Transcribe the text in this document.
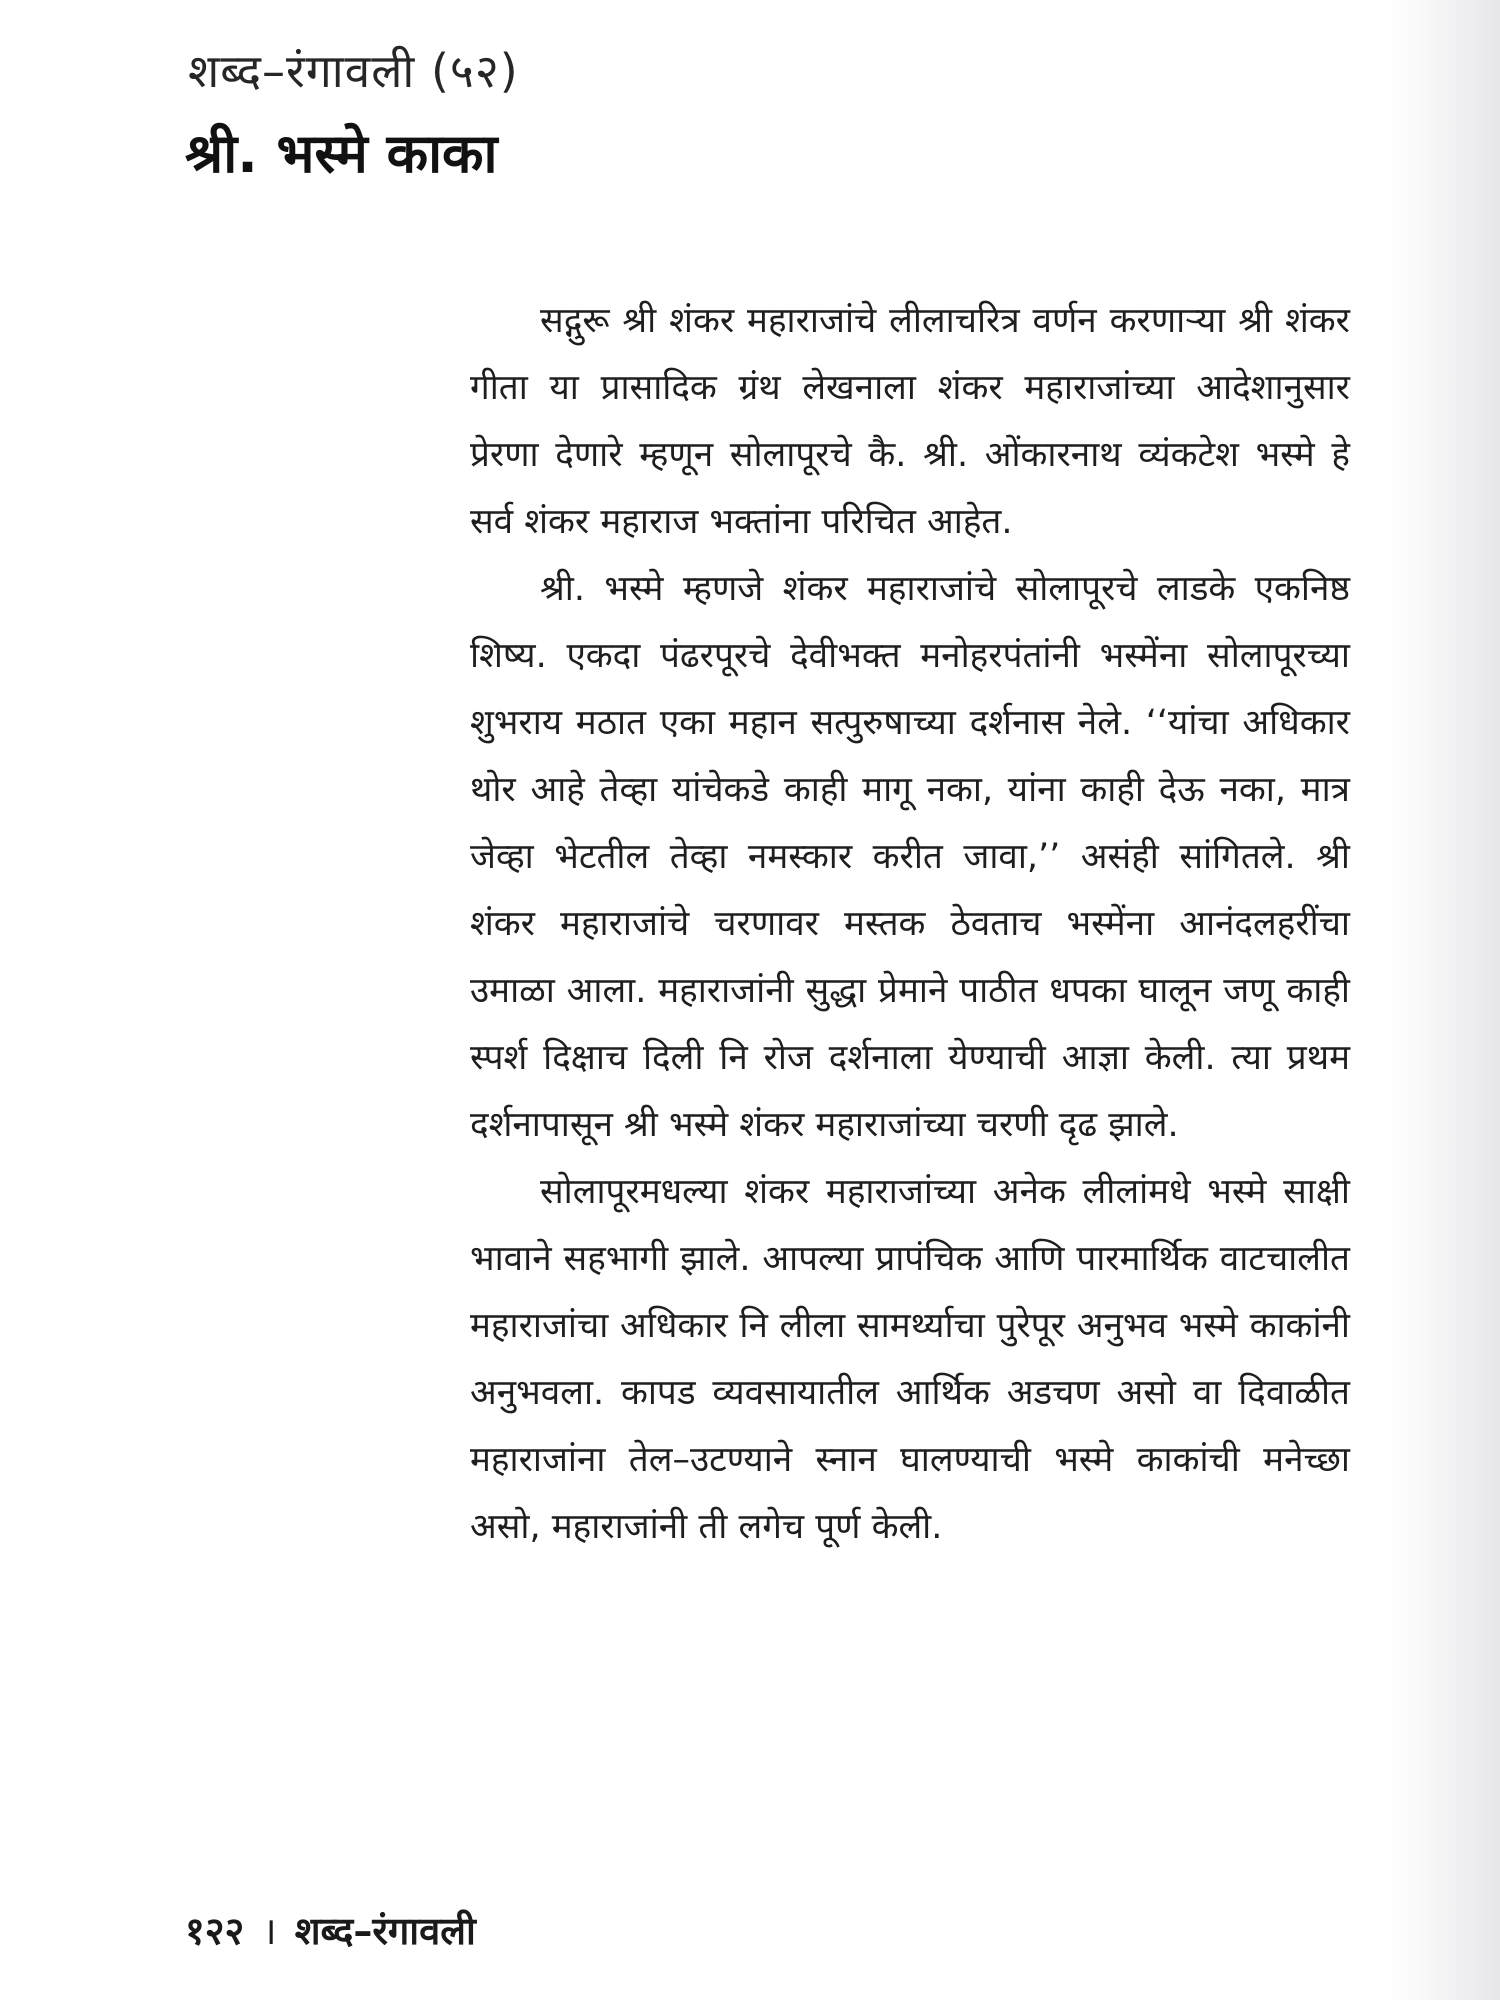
शब्द–रंगावली (५२)
श्री. भस्मे काका

सद्गुरू श्री शंकर महाराजांचे लीलाचरित्र वर्णन करणाऱ्या श्री शंकर गीता या प्रासादिक ग्रंथ लेखनाला शंकर महाराजांच्या आदेशानुसार प्रेरणा देणारे म्हणून सोलापूरचे कै. श्री. ओंकारनाथ व्यंकटेश भस्मे हे सर्व शंकर महाराज भक्तांना परिचित आहेत.

श्री. भस्मे म्हणजे शंकर महाराजांचे सोलापूरचे लाडके एकनिष्ठ शिष्य. एकदा पंढरपूरचे देवीभक्त मनोहरपंतांनी भस्मेंना सोलापूरच्या शुभराय मठात एका महान सत्पुरुषाच्या दर्शनास नेले. ‘‘यांचा अधिकार थोर आहे तेव्हा यांचेकडे काही मागू नका, यांना काही देऊ नका, मात्र जेव्हा भेटतील तेव्हा नमस्कार करीत जावा,’’ असंही सांगितले. श्री शंकर महाराजांचे चरणावर मस्तक ठेवताच भस्मेंना आनंदलहरींचा उमाळा आला. महाराजांनी सुद्धा प्रेमाने पाठीत धपका घालून जणू काही स्पर्श दिक्षाच दिली नि रोज दर्शनाला येण्याची आज्ञा केली. त्या प्रथम दर्शनापासून श्री भस्मे शंकर महाराजांच्या चरणी दृढ झाले.

सोलापूरमधल्या शंकर महाराजांच्या अनेक लीलांमधे भस्मे साक्षी भावाने सहभागी झाले. आपल्या प्रापंचिक आणि पारमार्थिक वाटचालीत महाराजांचा अधिकार नि लीला सामर्थ्याचा पुरेपूर अनुभव भस्मे काकांनी अनुभवला. कापड व्यवसायातील आर्थिक अडचण असो वा दिवाळीत महाराजांना तेल–उटण्याने स्नान घालण्याची भस्मे काकांची मनेच्छा असो, महाराजांनी ती लगेच पूर्ण केली.

१२२ । शब्द–रंगावली
